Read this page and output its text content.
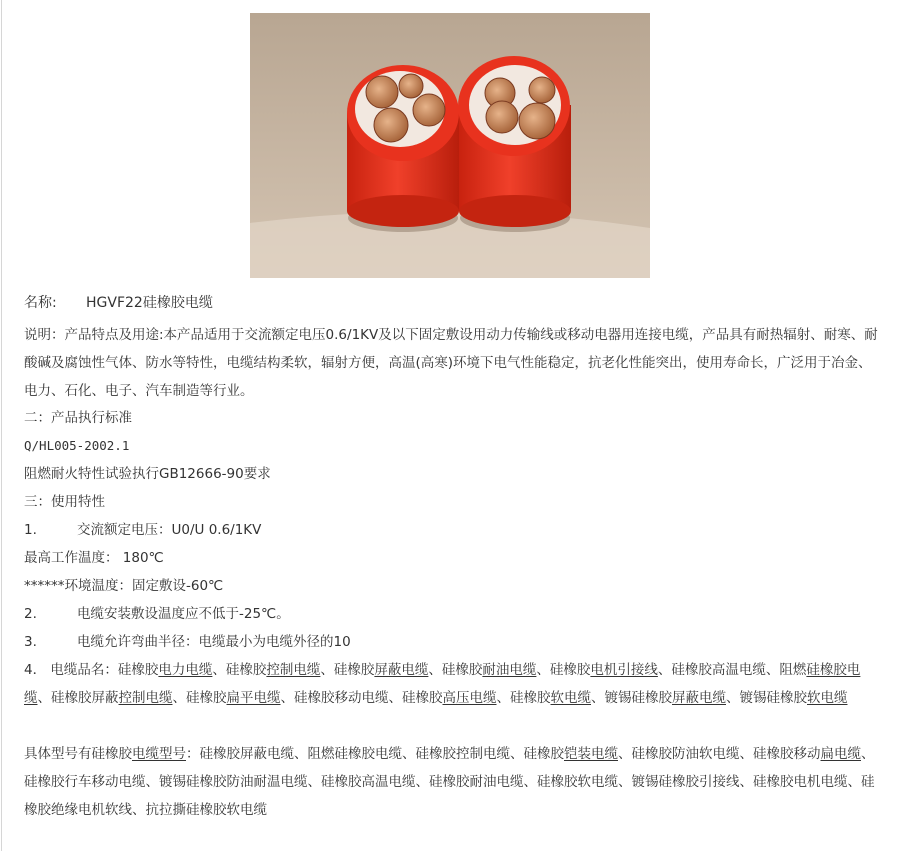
名称: HGVF22硅橡胶电缆
说明：产品特点及用途:本产品适用于交流额定电压0.6/1KV及以下固定敷设用动力传输线或移动电器用连接电缆，产品具有耐热辐射、耐寒、耐酸碱及腐蚀性气体、防水等特性，电缆结构柔软，辐射方便，高温(高寒)环境下电气性能稳定，抗老化性能突出，使用寿命长，广泛用于冶金、电力、石化、电子、汽车制造等行业。
二：产品执行标准
Q/HL005-2002.1
阻燃耐火特性试验执行GB12666-90要求
三：使用特性
1.	交流额定电压：U0/U 0.6/1KV
最高工作温度： 180℃
******环境温度：固定敷设-60℃
2.	电缆安装敷设温度应不低于-25℃。
3.	电缆允许弯曲半径：电缆最小为电缆外径的10
4． 电缆品名：硅橡胶电力电缆、硅橡胶控制电缆、硅橡胶屏蔽电缆、硅橡胶耐油电缆、硅橡胶电机引接线、硅橡胶高温电缆、阻燃硅橡胶电缆、硅橡胶屏蔽控制电缆、硅橡胶扁平电缆、硅橡胶移动电缆、硅橡胶高压电缆、硅橡胶软电缆、镀锡硅橡胶屏蔽电缆、镀锡硅橡胶软电缆
具体型号有硅橡胶电缆型号：硅橡胶屏蔽电缆、阻燃硅橡胶电缆、硅橡胶控制电缆、硅橡胶铠装电缆、硅橡胶防油软电缆、硅橡胶移动扁电缆、硅橡胶行车移动电缆、镀锡硅橡胶防油耐温电缆、硅橡胶高温电缆、硅橡胶耐油电缆、硅橡胶软电缆、镀锡硅橡胶引接线、硅橡胶电机电缆、硅橡胶绝缘电机软线、抗拉撕硅橡胶软电缆
